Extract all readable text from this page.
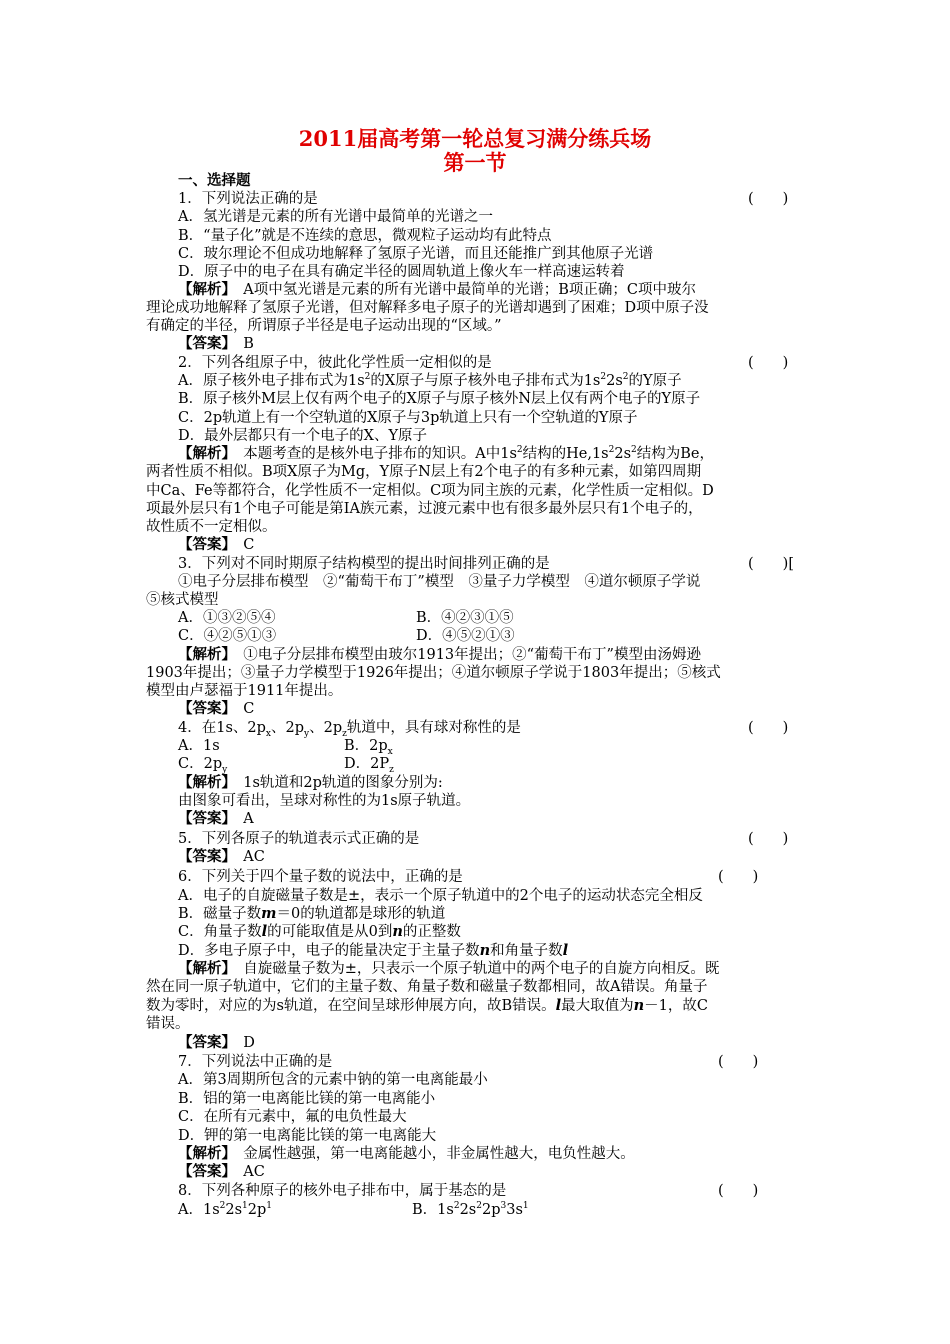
2011届高考第一轮总复习满分练兵场
第一节
一、选择题
1．下列说法正确的是	(　　)
A．氢光谱是元素的所有光谱中最简单的光谱之一
B．“量子化”就是不连续的意思，微观粒子运动均有此特点
C．玻尔理论不但成功地解释了氢原子光谱，而且还能推广到其他原子光谱
D．原子中的电子在具有确定半径的圆周轨道上像火车一样高速运转着
【解析】　A项中氢光谱是元素的所有光谱中最简单的光谱；B项正确；C项中玻尔
理论成功地解释了氢原子光谱，但对解释多电子原子的光谱却遇到了困难；D项中原子没
有确定的半径，所谓原子半径是电子运动出现的“区域。”
【答案】　B
2．下列各组原子中，彼此化学性质一定相似的是	(　　)
A．原子核外电子排布式为$1s^2$的X原子与原子核外电子排布式为$1s^22s^2$的Y原子
B．原子核外M层上仅有两个电子的X原子与原子核外N层上仅有两个电子的Y原子
C．2p轨道上有一个空轨道的X原子与3p轨道上只有一个空轨道的Y原子
D．最外层都只有一个电子的X、Y原子
【解析】　本题考查的是核外电子排布的知识。A中$1s^2$结构的$He,1s^22s^2$结构为Be，
两者性质不相似。B项X原子为Mg，Y原子N层上有2个电子的有多种元素，如第四周期
中Ca、Fe等都符合，化学性质不一定相似。C项为同主族的元素，化学性质一定相似。D
项最外层只有1个电子可能是第ⅠA族元素，过渡元素中也有很多最外层只有1个电子的，
故性质不一定相似。
【答案】　C
3．下列对不同时期原子结构模型的提出时间排列正确的是	(　　)[
①电子分层排布模型　②“葡萄干布丁”模型　③量子力学模型　④道尔顿原子学说
⑤核式模型
A．①③②⑤④	B．④②③①⑤
C．④②⑤①③	D．④⑤②①③
【解析】　①电子分层排布模型由玻尔1913年提出；②“葡萄干布丁”模型由汤姆逊
1903年提出；③量子力学模型于1926年提出；④道尔顿原子学说于1803年提出；⑤核式
模型由卢瑟福于1911年提出。
【答案】　C
4．在1s、$2p_x$、$2p_y$、$2p_z$轨道中，具有球对称性的是	(　　)
A．1s	B．$2p_x$
C．$2p_y$	D．$2P_z$
【解析】　1s轨道和2p轨道的图象分别为:
由图象可看出，呈球对称性的为1s原子轨道。
【答案】　A
5．下列各原子的轨道表示式正确的是	(　　)
【答案】　AC
6．下列关于四个量子数的说法中，正确的是	(　　)
A．电子的自旋磁量子数是±，表示一个原子轨道中的2个电子的运动状态完全相反
B．磁量子数m＝0的轨道都是球形的轨道
C．角量子数l的可能取值是从0到n的正整数
D．多电子原子中，电子的能量决定于主量子数n和角量子数l
【解析】　自旋磁量子数为±，只表示一个原子轨道中的两个电子的自旋方向相反。既
然在同一原子轨道中，它们的主量子数、角量子数和磁量子数都相同，故A错误。角量子
数为零时，对应的为s轨道，在空间呈球形伸展方向，故B错误。l最大取值为n－1，故C
错误。
【答案】　D
7．下列说法中正确的是	(　　)
A．第3周期所包含的元素中钠的第一电离能最小
B．铝的第一电离能比镁的第一电离能小
C．在所有元素中，氟的电负性最大
D．钾的第一电离能比镁的第一电离能大
【解析】　金属性越强，第一电离能越小，非金属性越大，电负性越大。
【答案】　AC
8．下列各种原子的核外电子排布中，属于基态的是	(　　)
A．$1s^22s^12p^1$	B．$1s^22s^22p^33s^1$
